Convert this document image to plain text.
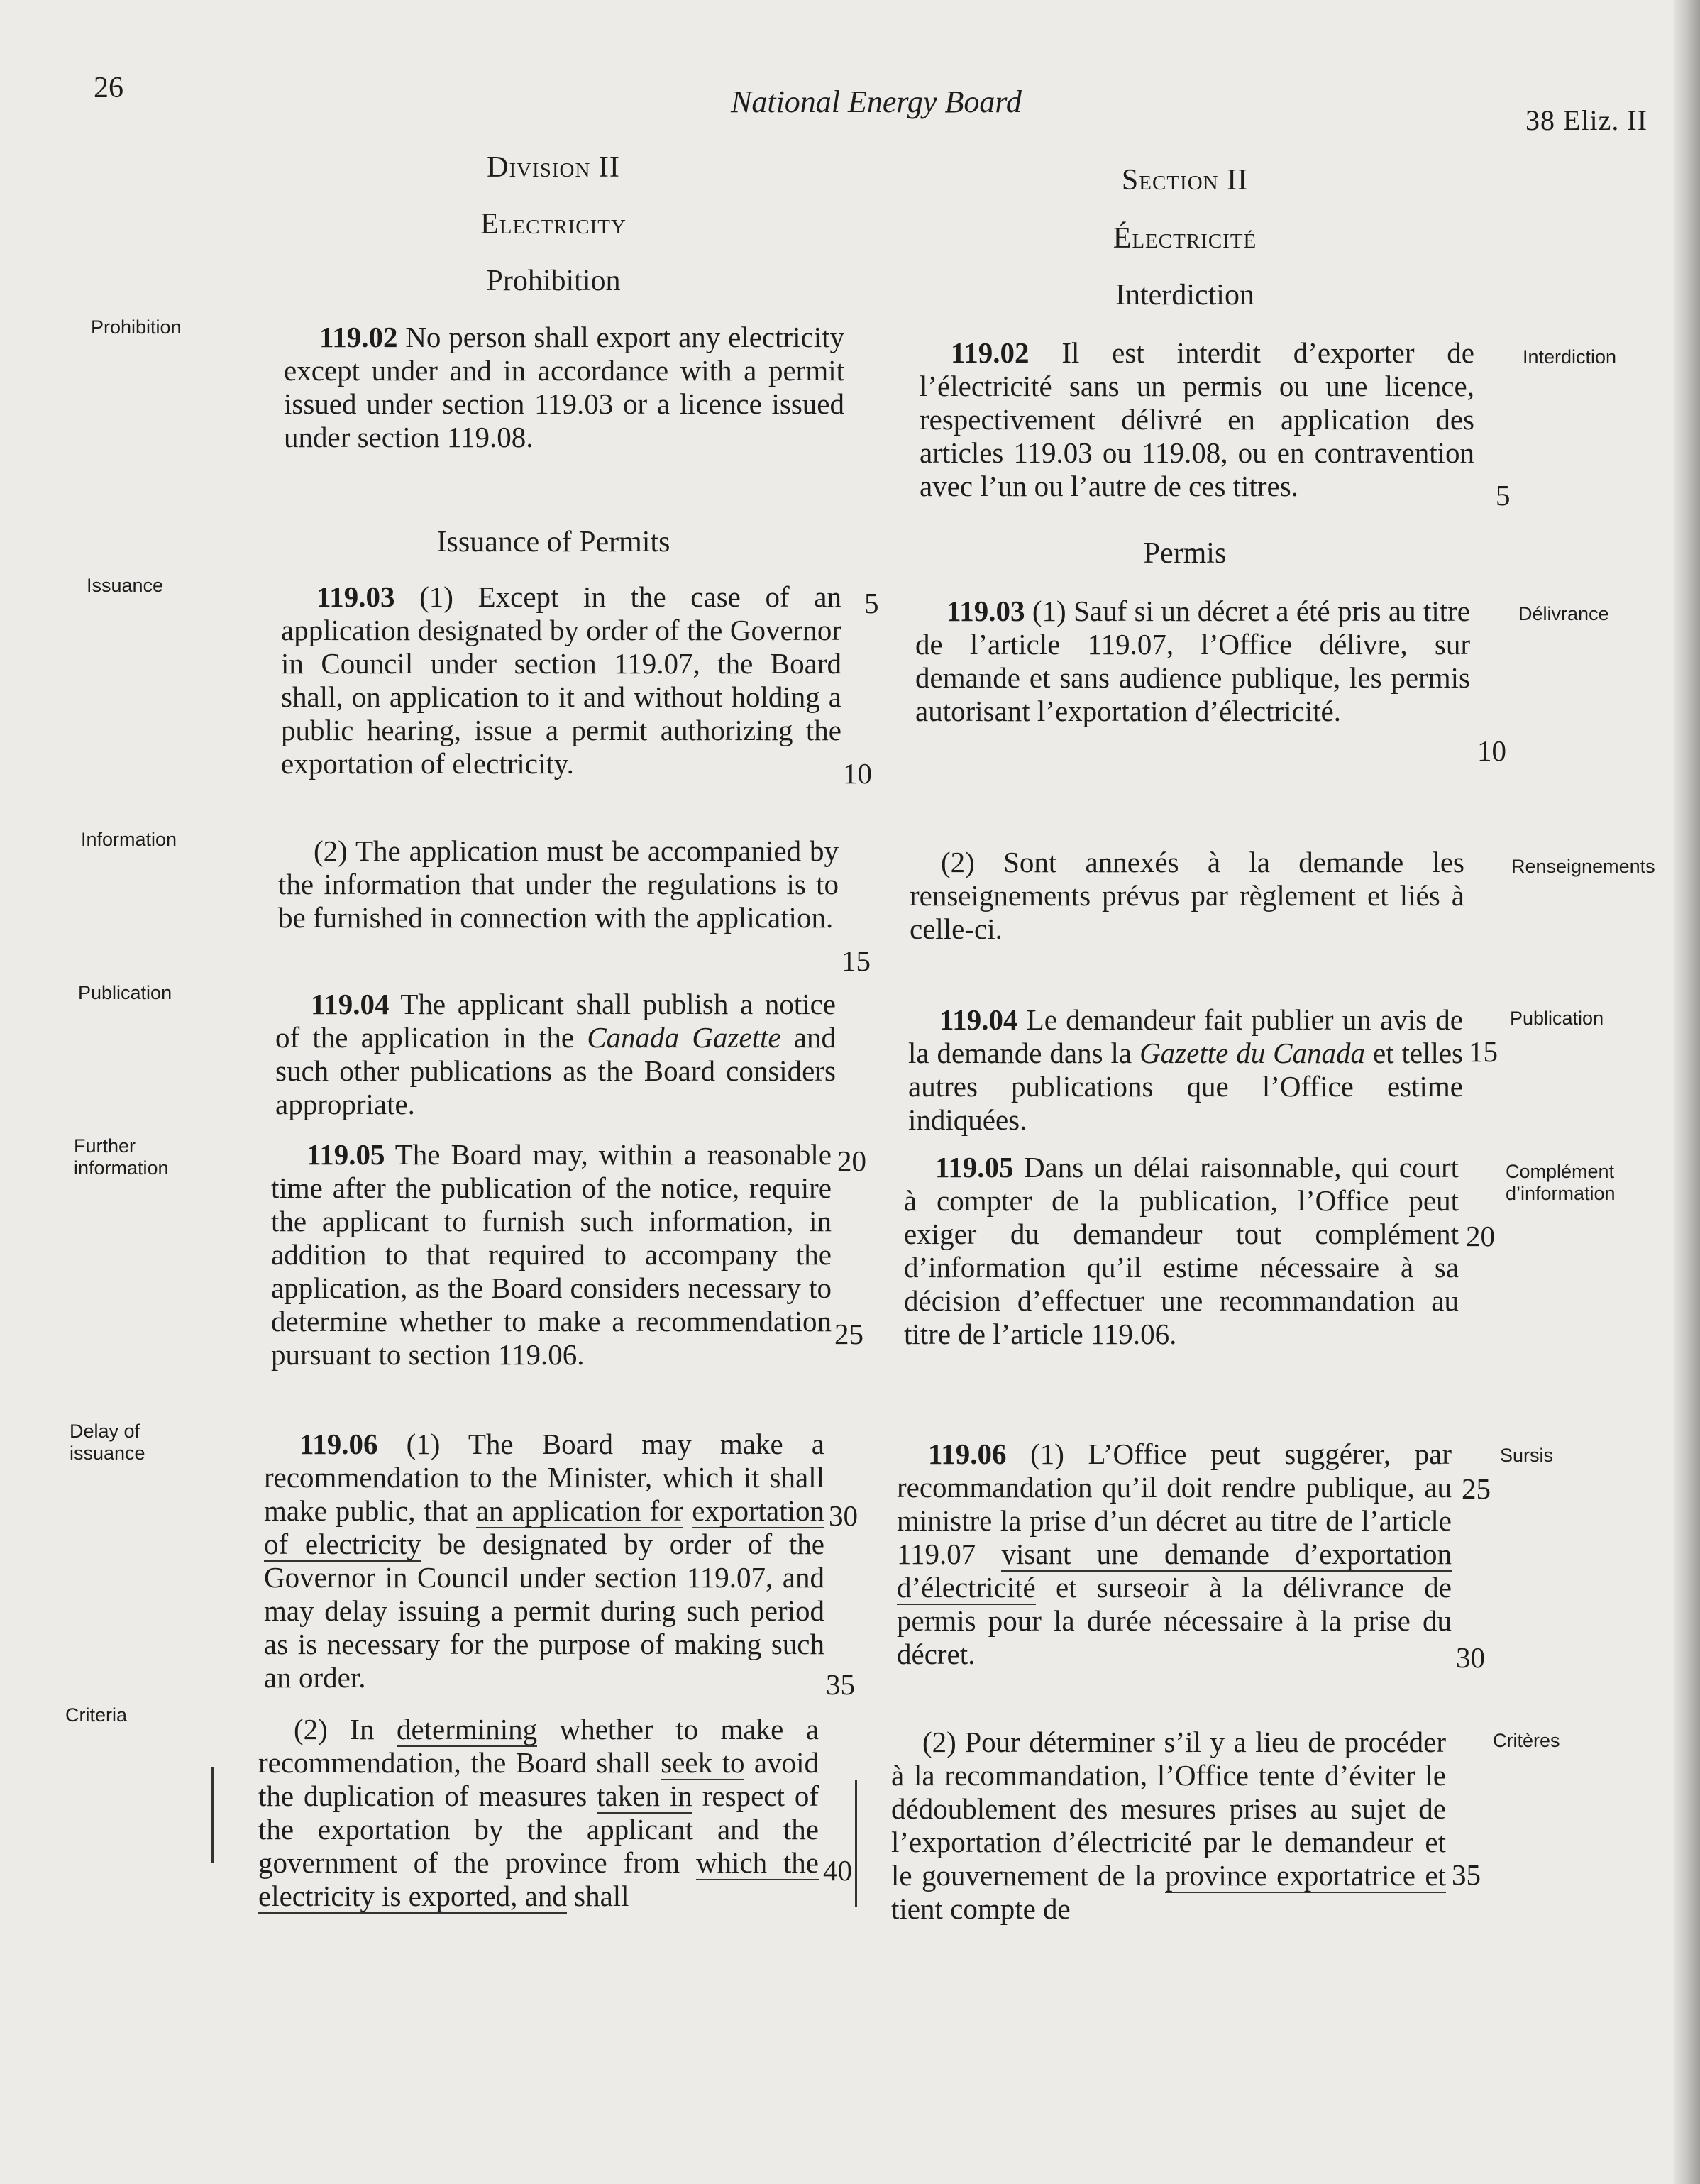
26	National Energy Board
38 Eliz. II
Division II
Electricity
Prohibition
Issuance of Permits
Section II
Électricité
Interdiction
Permis
Prohibition
Issuance
Information
Publication
Further information
Delay of issuance
Criteria
Interdiction
Délivrance
Renseignements
Publication
Complément d’information
Sursis
Critères

119.02 No person shall export any electricity except under and in accordance with a permit issued under section 119.03 or a licence issued under section 119.08.

119.03 (1) Except in the case of an application designated by order of the Governor in Council under section 119.07, the Board shall, on application to it and without holding a public hearing, issue a permit authorizing the exportation of electricity.

(2) The application must be accompanied by the information that under the regulations is to be furnished in connection with the application.

119.04 The applicant shall publish a notice of the application in the Canada Gazette and such other publications as the Board considers appropriate.

119.05 The Board may, within a reasonable time after the publication of the notice, require the applicant to furnish such information, in addition to that required to accompany the application, as the Board considers necessary to determine whether to make a recommendation pursuant to section 119.06.

119.06 (1) The Board may make a recommendation to the Minister, which it shall make public, that an application for exportation of electricity be designated by order of the Governor in Council under section 119.07, and may delay issuing a permit during such period as is necessary for the purpose of making such an order.

(2) In determining whether to make a recommendation, the Board shall seek to avoid the duplication of measures taken in respect of the exportation by the applicant and the government of the province from which the electricity is exported, and shall

119.02 Il est interdit d’exporter de l’électricité sans un permis ou une licence, respectivement délivré en application des articles 119.03 ou 119.08, ou en contravention avec l’un ou l’autre de ces titres.

119.03 (1) Sauf si un décret a été pris au titre de l’article 119.07, l’Office délivre, sur demande et sans audience publique, les permis autorisant l’exportation d’électricité.

(2) Sont annexés à la demande les renseignements prévus par règlement et liés à celle-ci.

119.04 Le demandeur fait publier un avis de la demande dans la Gazette du Canada et telles autres publications que l’Office estime indiquées.

119.05 Dans un délai raisonnable, qui court à compter de la publication, l’Office peut exiger du demandeur tout complément d’information qu’il estime nécessaire à sa décision d’effectuer une recommandation au titre de l’article 119.06.

119.06 (1) L’Office peut suggérer, par recommandation qu’il doit rendre publique, au ministre la prise d’un décret au titre de l’article 119.07 visant une demande d’exportation d’électricité et surseoir à la délivrance de permis pour la durée nécessaire à la prise du décret.

(2) Pour déterminer s’il y a lieu de procéder à la recommandation, l’Office tente d’éviter le dédoublement des mesures prises au sujet de l’exportation d’électricité par le demandeur et le gouvernement de la province exportatrice et tient compte de

5
10
15
20
25
30
35
40
5
10
15
20
25
30
35
